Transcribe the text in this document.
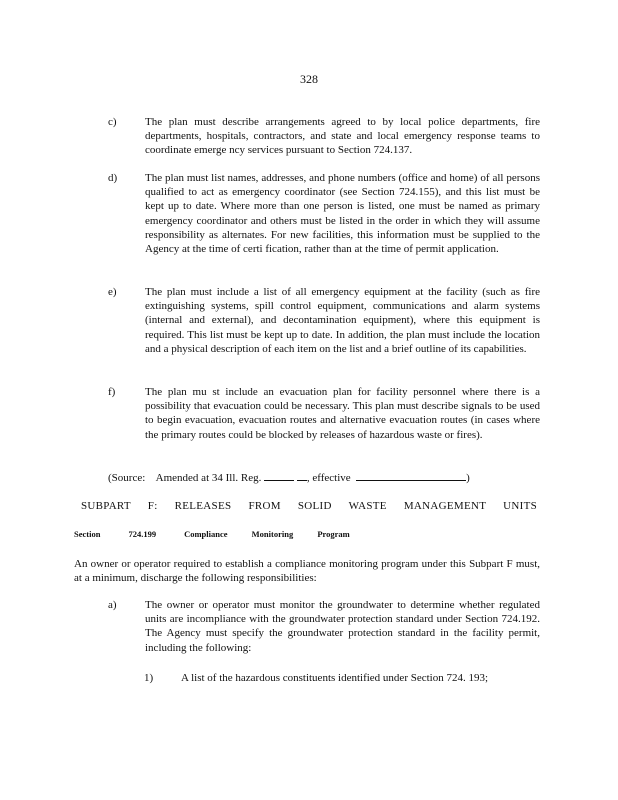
328
c)	The plan must describe arrangements agreed to by local police departments, fire departments, hospitals, contractors, and state and local emergency response teams to coordinate emerge ncy services pursuant to Section 724.137.
d)	The plan must list names, addresses, and phone numbers (office and home) of all persons qualified to act as emergency coordinator (see Section 724.155), and this list must be kept up to date. Where more than one person is listed, one must be named as primary emergency coordinator and others must be listed in the order in which they will assume responsibility as alternates. For new facilities, this information must be supplied to the Agency at the time of certi fication, rather than at the time of permit application.
e)	The plan must include a list of all emergency equipment at the facility (such as fire extinguishing systems, spill control equipment, communications and alarm systems (internal and external), and decontamination equipment), where this equipment is required. This list must be kept up to date. In addition, the plan must include the location and a physical description of each item on the list and a brief outline of its capabilities.
f)	The plan mu st include an evacuation plan for facility personnel where there is a possibility that evacuation could be necessary. This plan must describe signals to be used to begin evacuation, evacuation routes and alternative evacuation routes (in cases where the primary routes could be blocked by releases of hazardous waste or fires).
(Source: Amended at 34 Ill. Reg.	, effective	)
SUBPART F: RELEASES FROM SOLID WASTE MANAGEMENT UNITS
Section	724.199	Compliance Monitoring Program
An owner or operator required to establish a compliance monitoring program under this Subpart F must, at a minimum, discharge the following responsibilities:
a)	The owner or operator must monitor the groundwater to determine whether regulated units are incompliance with the groundwater protection standard under Section 724.192. The Agency must specify the groundwater protection standard in the facility permit, including the following:
1)	A list of the hazardous constituents identified under Section 724. 193;
